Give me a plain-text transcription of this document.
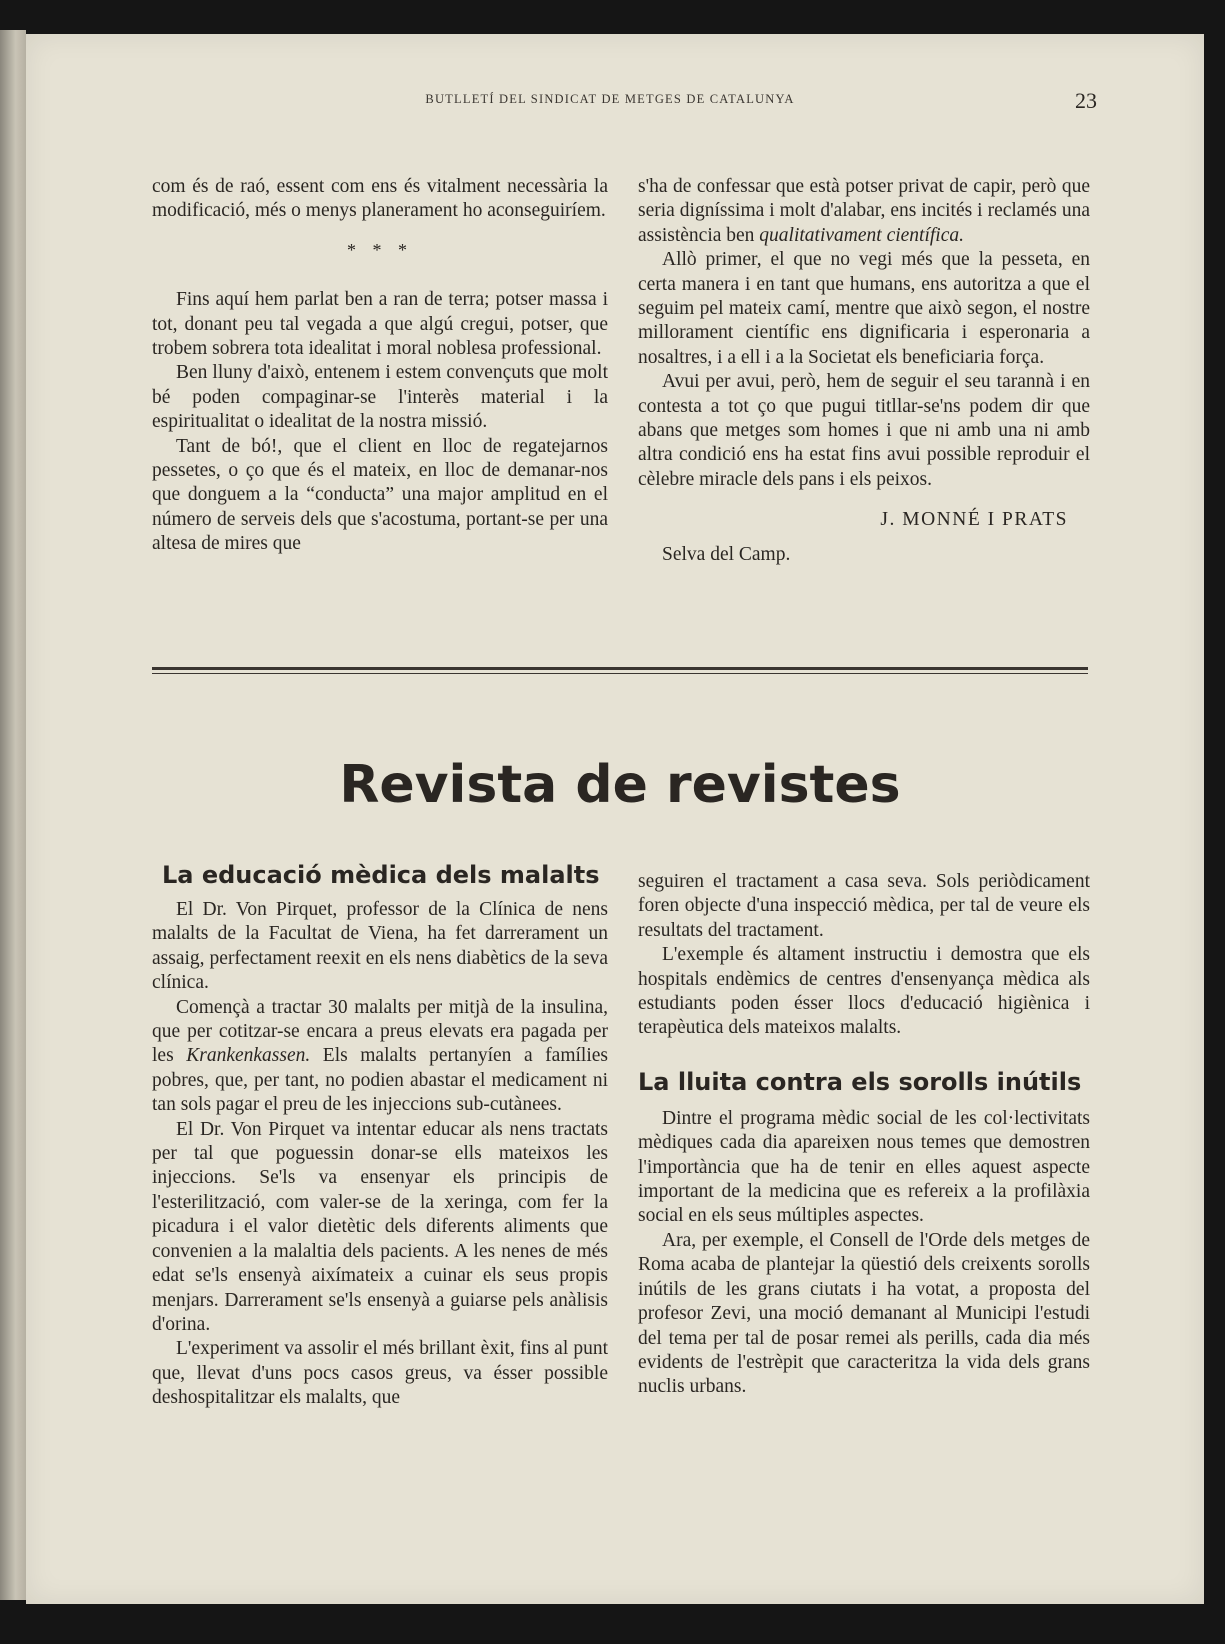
BUTLLETÍ DEL SINDICAT DE METGES DE CATALUNYA	23

com és de raó, essent com ens és vitalment necessària la modificació, més o menys planerament ho aconseguiríem.

* * *

Fins aquí hem parlat ben a ran de terra; potser massa i tot, donant peu tal vegada a que algú cregui, potser, que trobem sobrera tota idealitat i moral noblesa professional.

Ben lluny d'això, entenem i estem convençuts que molt bé poden compaginar-se l'interès material i la espiritualitat o idealitat de la nostra missió.

Tant de bó!, que el client en lloc de regatejarnos pessetes, o ço que és el mateix, en lloc de demanar-nos que donguem a la “conducta” una major amplitud en el número de serveis dels que s'acostuma, portant-se per una altesa de mires que

s'ha de confessar que està potser privat de capir, però que seria digníssima i molt d'alabar, ens incités i reclamés una assistència ben qualitativament científica.

Allò primer, el que no vegi més que la pesseta, en certa manera i en tant que humans, ens autoritza a que el seguim pel mateix camí, mentre que això segon, el nostre millorament científic ens dignificaria i esperonaria a nosaltres, i a ell i a la Societat els beneficiaria força.

Avui per avui, però, hem de seguir el seu tarannà i en contesta a tot ço que pugui titllar-se'ns podem dir que abans que metges som homes i que ni amb una ni amb altra condició ens ha estat fins avui possible reproduir el cèlebre miracle dels pans i els peixos.

J. MONNÉ I PRATS
Selva del Camp.
Revista de revistes
La educació mèdica dels malalts

El Dr. Von Pirquet, professor de la Clínica de nens malalts de la Facultat de Viena, ha fet darrerament un assaig, perfectament reexit en els nens diabètics de la seva clínica.

Començà a tractar 30 malalts per mitjà de la insulina, que per cotitzar-se encara a preus elevats era pagada per les Krankenkassen. Els malalts pertanyíen a famílies pobres, que, per tant, no podien abastar el medicament ni tan sols pagar el preu de les injeccions sub-cutànees.

El Dr. Von Pirquet va intentar educar als nens tractats per tal que poguessin donar-se ells mateixos les injeccions. Se'ls va ensenyar els principis de l'esterilització, com valer-se de la xeringa, com fer la picadura i el valor dietètic dels diferents aliments que convenien a la malaltia dels pacients. A les nenes de més edat se'ls ensenyà aixímateix a cuinar els seus propis menjars. Darrerament se'ls ensenyà a guiarse pels anàlisis d'orina.

L'experiment va assolir el més brillant èxit, fins al punt que, llevat d'uns pocs casos greus, va ésser possible deshospitalitzar els malalts, que

seguiren el tractament a casa seva. Sols periòdicament foren objecte d'una inspecció mèdica, per tal de veure els resultats del tractament.

L'exemple és altament instructiu i demostra que els hospitals endèmics de centres d'ensenyança mèdica als estudiants poden ésser llocs d'educació higiènica i terapèutica dels mateixos malalts.

La lluita contra els sorolls inútils

Dintre el programa mèdic social de les col·lectivitats mèdiques cada dia apareixen nous temes que demostren l'importància que ha de tenir en elles aquest aspecte important de la medicina que es refereix a la profilàxia social en els seus múltiples aspectes.

Ara, per exemple, el Consell de l'Orde dels metges de Roma acaba de plantejar la qüestió dels creixents sorolls inútils de les grans ciutats i ha votat, a proposta del profesor Zevi, una moció demanant al Municipi l'estudi del tema per tal de posar remei als perills, cada dia més evidents de l'estrèpit que caracteritza la vida dels grans nuclis urbans.
